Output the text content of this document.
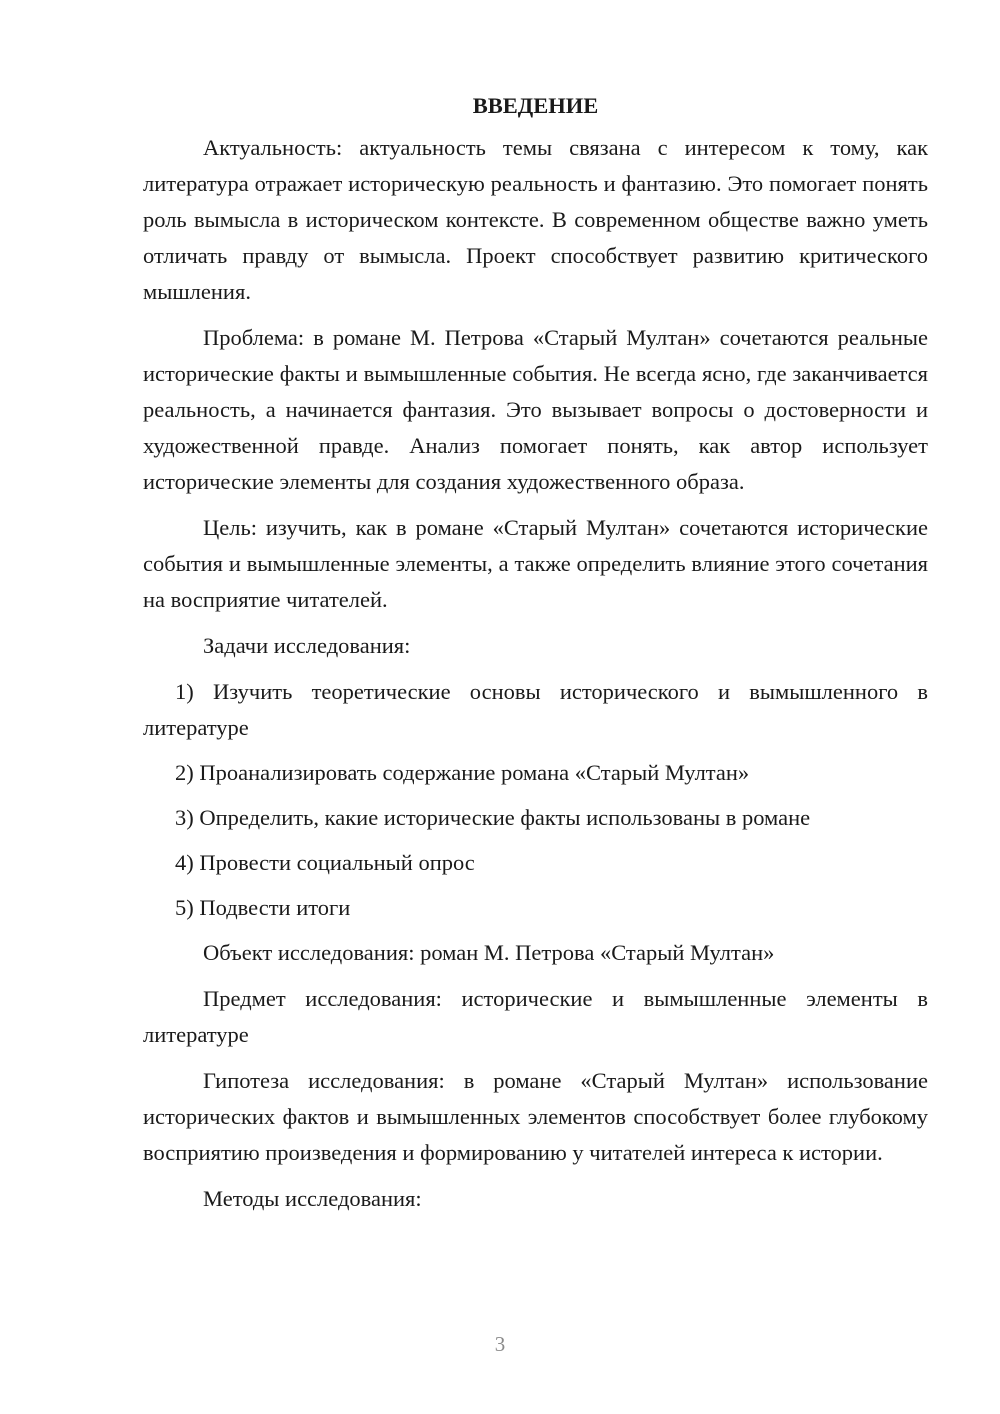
ВВЕДЕНИЕ

Актуальность: актуальность темы связана с интересом к тому, как литература отражает историческую реальность и фантазию. Это помогает понять роль вымысла в историческом контексте. В современном обществе важно уметь отличать правду от вымысла. Проект способствует развитию критического мышления.

Проблема: в романе М. Петрова «Старый Мултан» сочетаются реальные исторические факты и вымышленные события. Не всегда ясно, где заканчивается реальность, а начинается фантазия. Это вызывает вопросы о достоверности и художественной правде. Анализ помогает понять, как автор использует исторические элементы для создания художественного образа.

Цель: изучить, как в романе «Старый Мултан» сочетаются исторические события и вымышленные элементы, а также определить влияние этого сочетания на восприятие читателей.

Задачи исследования:

1) Изучить теоретические основы исторического и вымышленного в литературе

2) Проанализировать содержание романа «Старый Мултан»

3) Определить, какие исторические факты использованы в романе

4) Провести социальный опрос

5) Подвести итоги

Объект исследования: роман М. Петрова «Старый Мултан»

Предмет исследования: исторические и вымышленные элементы в литературе

Гипотеза исследования: в романе «Старый Мултан» использование исторических фактов и вымышленных элементов способствует более глубокому восприятию произведения и формированию у читателей интереса к истории.

Методы исследования:

3
